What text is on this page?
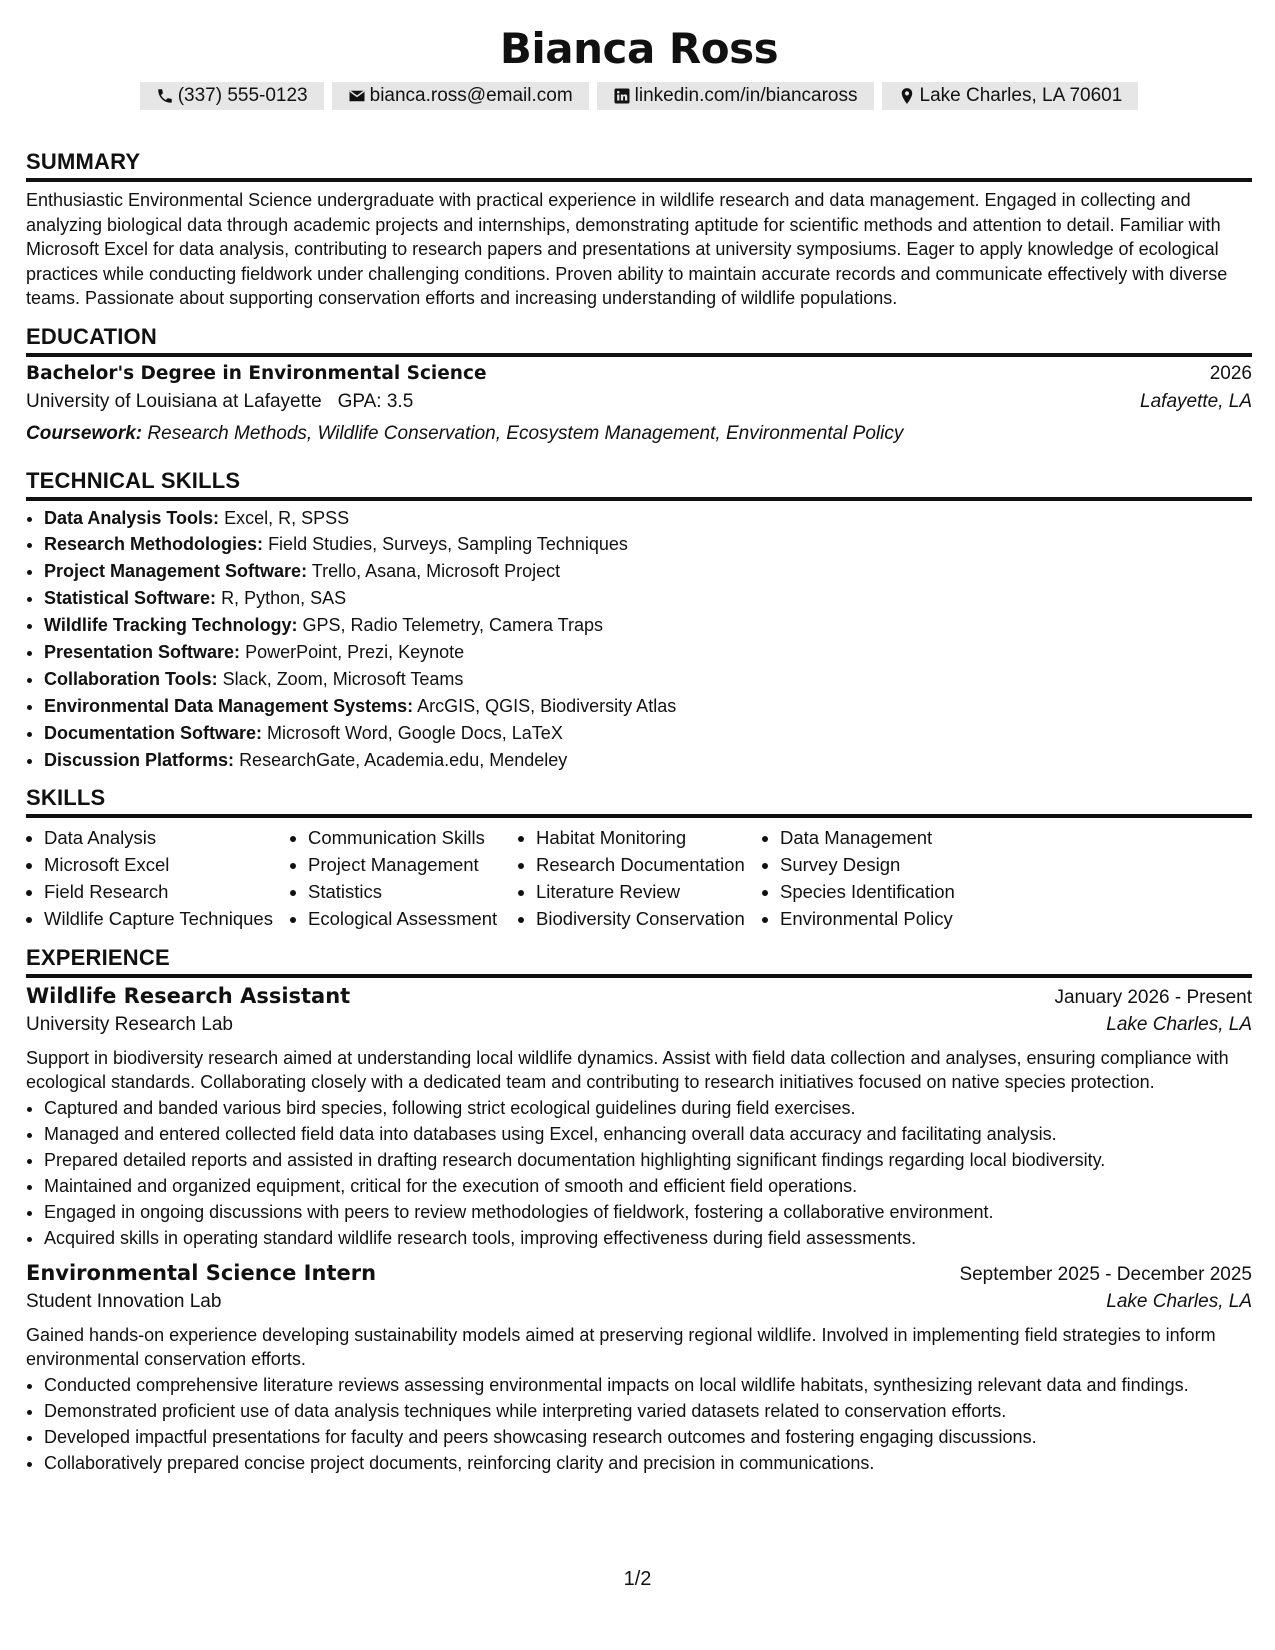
Bianca Ross
(337) 555-0123	bianca.ross@email.com	linkedin.com/in/biancaross	Lake Charles, LA 70601
SUMMARY

Enthusiastic Environmental Science undergraduate with practical experience in wildlife research and data management. Engaged in collecting and analyzing biological data through academic projects and internships, demonstrating aptitude for scientific methods and attention to detail. Familiar with Microsoft Excel for data analysis, contributing to research papers and presentations at university symposiums. Eager to apply knowledge of ecological practices while conducting fieldwork under challenging conditions. Proven ability to maintain accurate records and communicate effectively with diverse teams. Passionate about supporting conservation efforts and increasing understanding of wildlife populations.

EDUCATION
Bachelor's Degree in Environmental Science	2026
University of Louisiana at Lafayette GPA: 3.5	Lafayette, LA
Coursework: Research Methods, Wildlife Conservation, Ecosystem Management, Environmental Policy
TECHNICAL SKILLS
• Data Analysis Tools: Excel, R, SPSS
• Research Methodologies: Field Studies, Surveys, Sampling Techniques
• Project Management Software: Trello, Asana, Microsoft Project
• Statistical Software: R, Python, SAS
• Wildlife Tracking Technology: GPS, Radio Telemetry, Camera Traps
• Presentation Software: PowerPoint, Prezi, Keynote
• Collaboration Tools: Slack, Zoom, Microsoft Teams
• Environmental Data Management Systems: ArcGIS, QGIS, Biodiversity Atlas
• Documentation Software: Microsoft Word, Google Docs, LaTeX
• Discussion Platforms: ResearchGate, Academia.edu, Mendeley
SKILLS
• Data Analysis
• Microsoft Excel
• Field Research
• Wildlife Capture Techniques
• Communication Skills
• Project Management
• Statistics
• Ecological Assessment
• Habitat Monitoring
• Research Documentation
• Literature Review
• Biodiversity Conservation
• Data Management
• Survey Design
• Species Identification
• Environmental Policy
EXPERIENCE
Wildlife Research Assistant	January 2026 - Present
University Research Lab	Lake Charles, LA

Support in biodiversity research aimed at understanding local wildlife dynamics. Assist with field data collection and analyses, ensuring compliance with ecological standards. Collaborating closely with a dedicated team and contributing to research initiatives focused on native species protection.

• Captured and banded various bird species, following strict ecological guidelines during field exercises.
• Managed and entered collected field data into databases using Excel, enhancing overall data accuracy and facilitating analysis.
• Prepared detailed reports and assisted in drafting research documentation highlighting significant findings regarding local biodiversity.
• Maintained and organized equipment, critical for the execution of smooth and efficient field operations.
• Engaged in ongoing discussions with peers to review methodologies of fieldwork, fostering a collaborative environment.
• Acquired skills in operating standard wildlife research tools, improving effectiveness during field assessments.
Environmental Science Intern	September 2025 - December 2025
Student Innovation Lab	Lake Charles, LA

Gained hands-on experience developing sustainability models aimed at preserving regional wildlife. Involved in implementing field strategies to inform environmental conservation efforts.

• Conducted comprehensive literature reviews assessing environmental impacts on local wildlife habitats, synthesizing relevant data and findings.
• Demonstrated proficient use of data analysis techniques while interpreting varied datasets related to conservation efforts.
• Developed impactful presentations for faculty and peers showcasing research outcomes and fostering engaging discussions.
• Collaboratively prepared concise project documents, reinforcing clarity and precision in communications.
1/2
